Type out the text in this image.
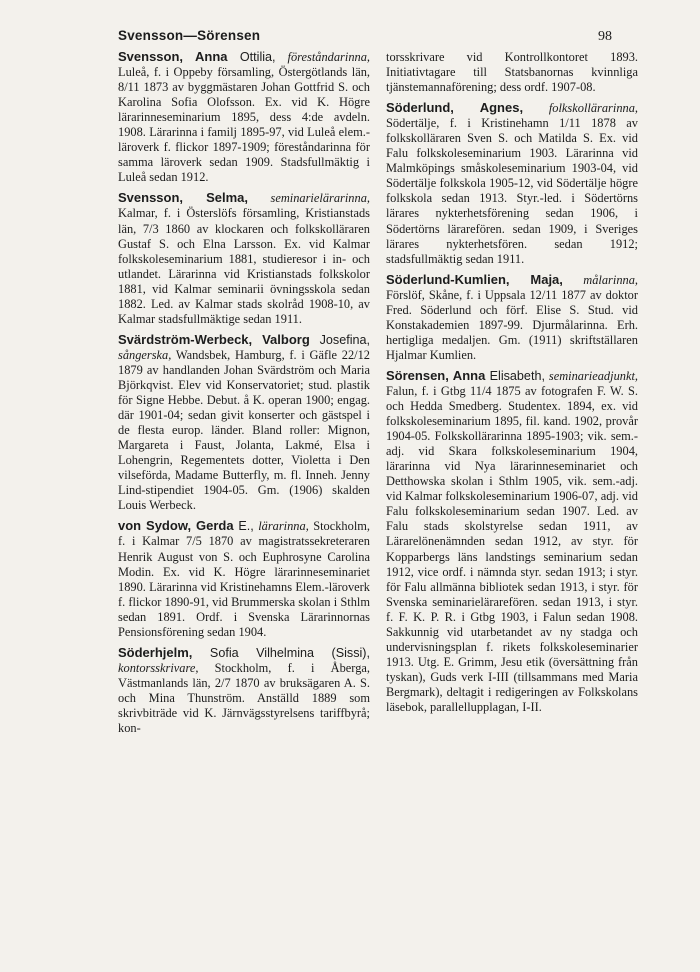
Svensson—Sörensen	98

Svensson, Anna Ottilia, föreståndarinna, Luleå, f. i Oppeby församling, Östergötlands län, 8/11 1873 av byggmästaren Johan Gottfrid S. och Karolina Sofia Olofsson. Ex. vid K. Högre lärarinneseminarium 1895, dess 4:de avdeln. 1908. Lärarinna i familj 1895-97, vid Luleå elem.-läroverk f. flickor 1897-1909; föreståndarinna för samma läroverk sedan 1909. Stadsfullmäktig i Luleå sedan 1912.

Svensson, Selma, seminarielärarinna, Kalmar, f. i Österslöfs församling, Kristianstads län, 7/3 1860 av klockaren och folkskolläraren Gustaf S. och Elna Larsson. Ex. vid Kalmar folkskoleseminarium 1881, studieresor i in- och utlandet. Lärarinna vid Kristianstads folkskolor 1881, vid Kalmar seminarii övningsskola sedan 1882. Led. av Kalmar stads skolråd 1908-10, av Kalmar stadsfullmäktige sedan 1911.

Svärdström-Werbeck, Valborg Josefina, sångerska, Wandsbek, Hamburg, f. i Gäfle 22/12 1879 av handlanden Johan Svärdström och Maria Björkqvist. Elev vid Konservatoriet; stud. plastik för Signe Hebbe. Debut. å K. operan 1900; engag. där 1901-04; sedan givit konserter och gästspel i de flesta europ. länder. Bland roller: Mignon, Margareta i Faust, Jolanta, Lakmé, Elsa i Lohengrin, Regementets dotter, Violetta i Den vilseförda, Madame Butterfly, m. fl. Inneh. Jenny Lind-stipendiet 1904-05. Gm. (1906) skalden Louis Werbeck.

von Sydow, Gerda E., lärarinna, Stockholm, f. i Kalmar 7/5 1870 av magistratssekreteraren Henrik August von S. och Euphrosyne Carolina Modin. Ex. vid K. Högre lärarinneseminariet 1890. Lärarinna vid Kristinehamns Elem.-läroverk f. flickor 1890-91, vid Brummerska skolan i Sthlm sedan 1891. Ordf. i Svenska Lärarinnornas Pensionsförening sedan 1904.

Söderhjelm, Sofia Vilhelmina (Sissi), kontorsskrivare, Stockholm, f. i Åberga, Västmanlands län, 2/7 1870 av bruksägaren A. S. och Mina Thunström. Anställd 1889 som skrivbiträde vid K. Järnvägsstyrelsens tariffbyrå; kon-

torsskrivare vid Kontrollkontoret 1893. Initiativtagare till Statsbanornas kvinnliga tjänstemannaförening; dess ordf. 1907-08.

Söderlund, Agnes, folkskollärarinna, Södertälje, f. i Kristinehamn 1/11 1878 av folkskolläraren Sven S. och Matilda S. Ex. vid Falu folkskoleseminarium 1903. Lärarinna vid Malmköpings småskoleseminarium 1903-04, vid Södertälje folkskola 1905-12, vid Södertälje högre folkskola sedan 1913. Styr.-led. i Södertörns lärares nykterhetsförening sedan 1906, i Södertörns lärarefören. sedan 1909, i Sveriges lärares nykterhetsfören. sedan 1912; stadsfullmäktig sedan 1911.

Söderlund-Kumlien, Maja, målarinna, Förslöf, Skåne, f. i Uppsala 12/11 1877 av doktor Fred. Söderlund och förf. Elise S. Stud. vid Konstakademien 1897-99. Djurmålarinna. Erh. hertigliga medaljen. Gm. (1911) skriftställaren Hjalmar Kumlien.

Sörensen, Anna Elisabeth, seminarieadjunkt, Falun, f. i Gtbg 11/4 1875 av fotografen F. W. S. och Hedda Smedberg. Studentex. 1894, ex. vid folkskoleseminarium 1895, fil. kand. 1902, provår 1904-05. Folkskollärarinna 1895-1903; vik. sem.-adj. vid Skara folkskoleseminarium 1904, lärarinna vid Nya lärarinneseminariet och Detthowska skolan i Sthlm 1905, vik. sem.-adj. vid Kalmar folkskoleseminarium 1906-07, adj. vid Falu folkskoleseminarium sedan 1907. Led. av Falu stads skolstyrelse sedan 1911, av Lärarelönenämnden sedan 1912, av styr. för Kopparbergs läns landstings seminarium sedan 1912, vice ordf. i nämnda styr. sedan 1913; i styr. för Falu allmänna bibliotek sedan 1913, i styr. för Svenska seminarielärarefören. sedan 1913, i styr. f. F. K. P. R. i Gtbg 1903, i Falun sedan 1908. Sakkunnig vid utarbetandet av ny stadga och undervisningsplan f. rikets folkskoleseminarier 1913. Utg. E. Grimm, Jesu etik (översättning från tyskan), Guds verk I-III (tillsammans med Maria Bergmark), deltagit i redigeringen av Folkskolans läsebok, parallellupplagan, I-II.
